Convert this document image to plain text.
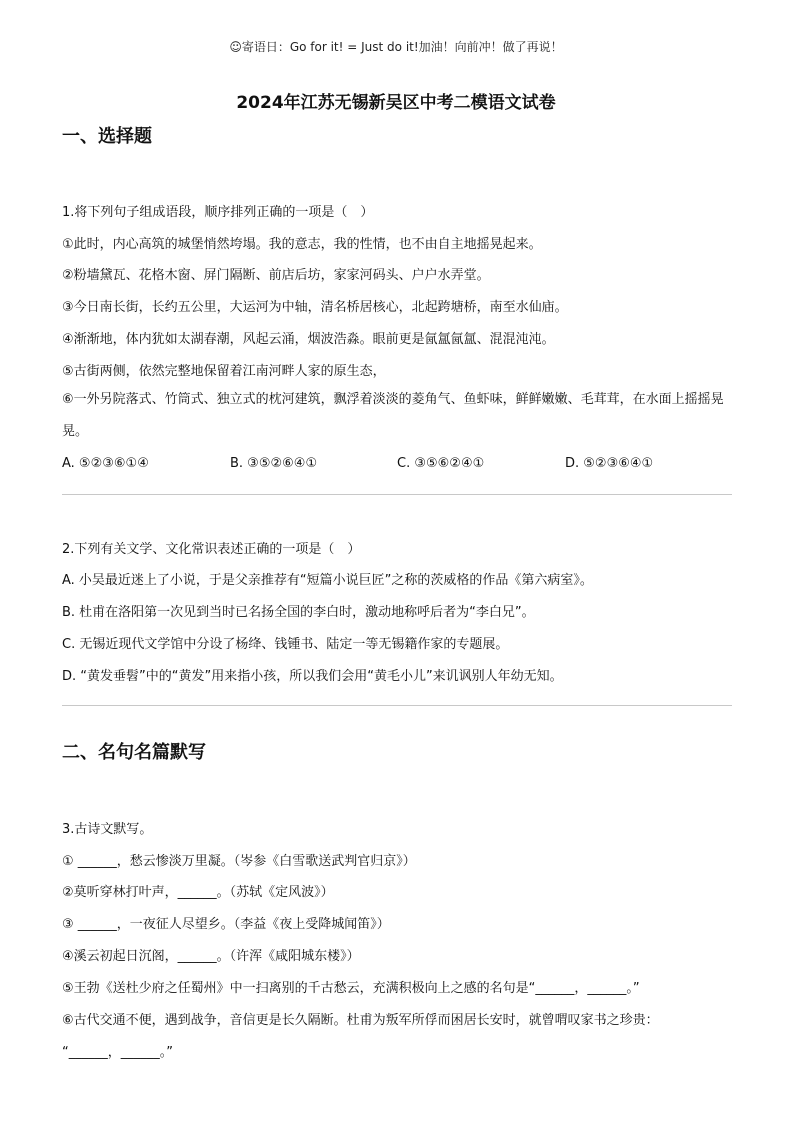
☺寄语日：Go for it! = Just do it!加油！向前冲！做了再说！
2024年江苏无锡新吴区中考二模语文试卷
一、选择题
1.将下列句子组成语段，顺序排列正确的一项是（　）
①此时，内心高筑的城堡悄然垮塌。我的意志，我的性情，也不由自主地摇晃起来。
②粉墙黛瓦、花格木窗、屏门隔断、前店后坊，家家河码头、户户水弄堂。
③今日南长街，长约五公里，大运河为中轴，清名桥居核心，北起跨塘桥，南至水仙庙。
④渐渐地，体内犹如太湖春潮，风起云涌，烟波浩淼。眼前更是氤氲氤氲、混混沌沌。
⑤古街两侧，依然完整地保留着江南河畔人家的原生态，
⑥一外另院落式、竹筒式、独立式的枕河建筑，飘浮着淡淡的菱角气、鱼虾味，鲜鲜嫩嫩、毛茸茸，在水面上摇摇晃晃。
A. ⑤②③⑥①④	B. ③⑤②⑥④①	C. ③⑤⑥②④①	D. ⑤②③⑥④①
2.下列有关文学、文化常识表述正确的一项是（　）
A. 小吴最近迷上了小说，于是父亲推荐有“短篇小说巨匠”之称的茨威格的作品《第六病室》。
B. 杜甫在洛阳第一次见到当时已名扬全国的李白时，激动地称呼后者为“李白兄”。
C. 无锡近现代文学馆中分设了杨绛、钱锺书、陆定一等无锡籍作家的专题展。
D. “黄发垂髫”中的“黄发”用来指小孩，所以我们会用“黄毛小儿”来讥讽别人年幼无知。
二、名句名篇默写
3.古诗文默写。
① ______，愁云惨淡万里凝。（岑参《白雪歌送武判官归京》）
②莫听穿林打叶声，______。（苏轼《定风波》）
③ ______，一夜征人尽望乡。（李益《夜上受降城闻笛》）
④溪云初起日沉阁，______。（许浑《咸阳城东楼》）
⑤王勃《送杜少府之任蜀州》中一扫离别的千古愁云，充满积极向上之感的名句是“______，______。”
⑥古代交通不便，遇到战争，音信更是长久隔断。杜甫为叛军所俘而困居长安时，就曾喟叹家书之珍贵：
“______，______。”
